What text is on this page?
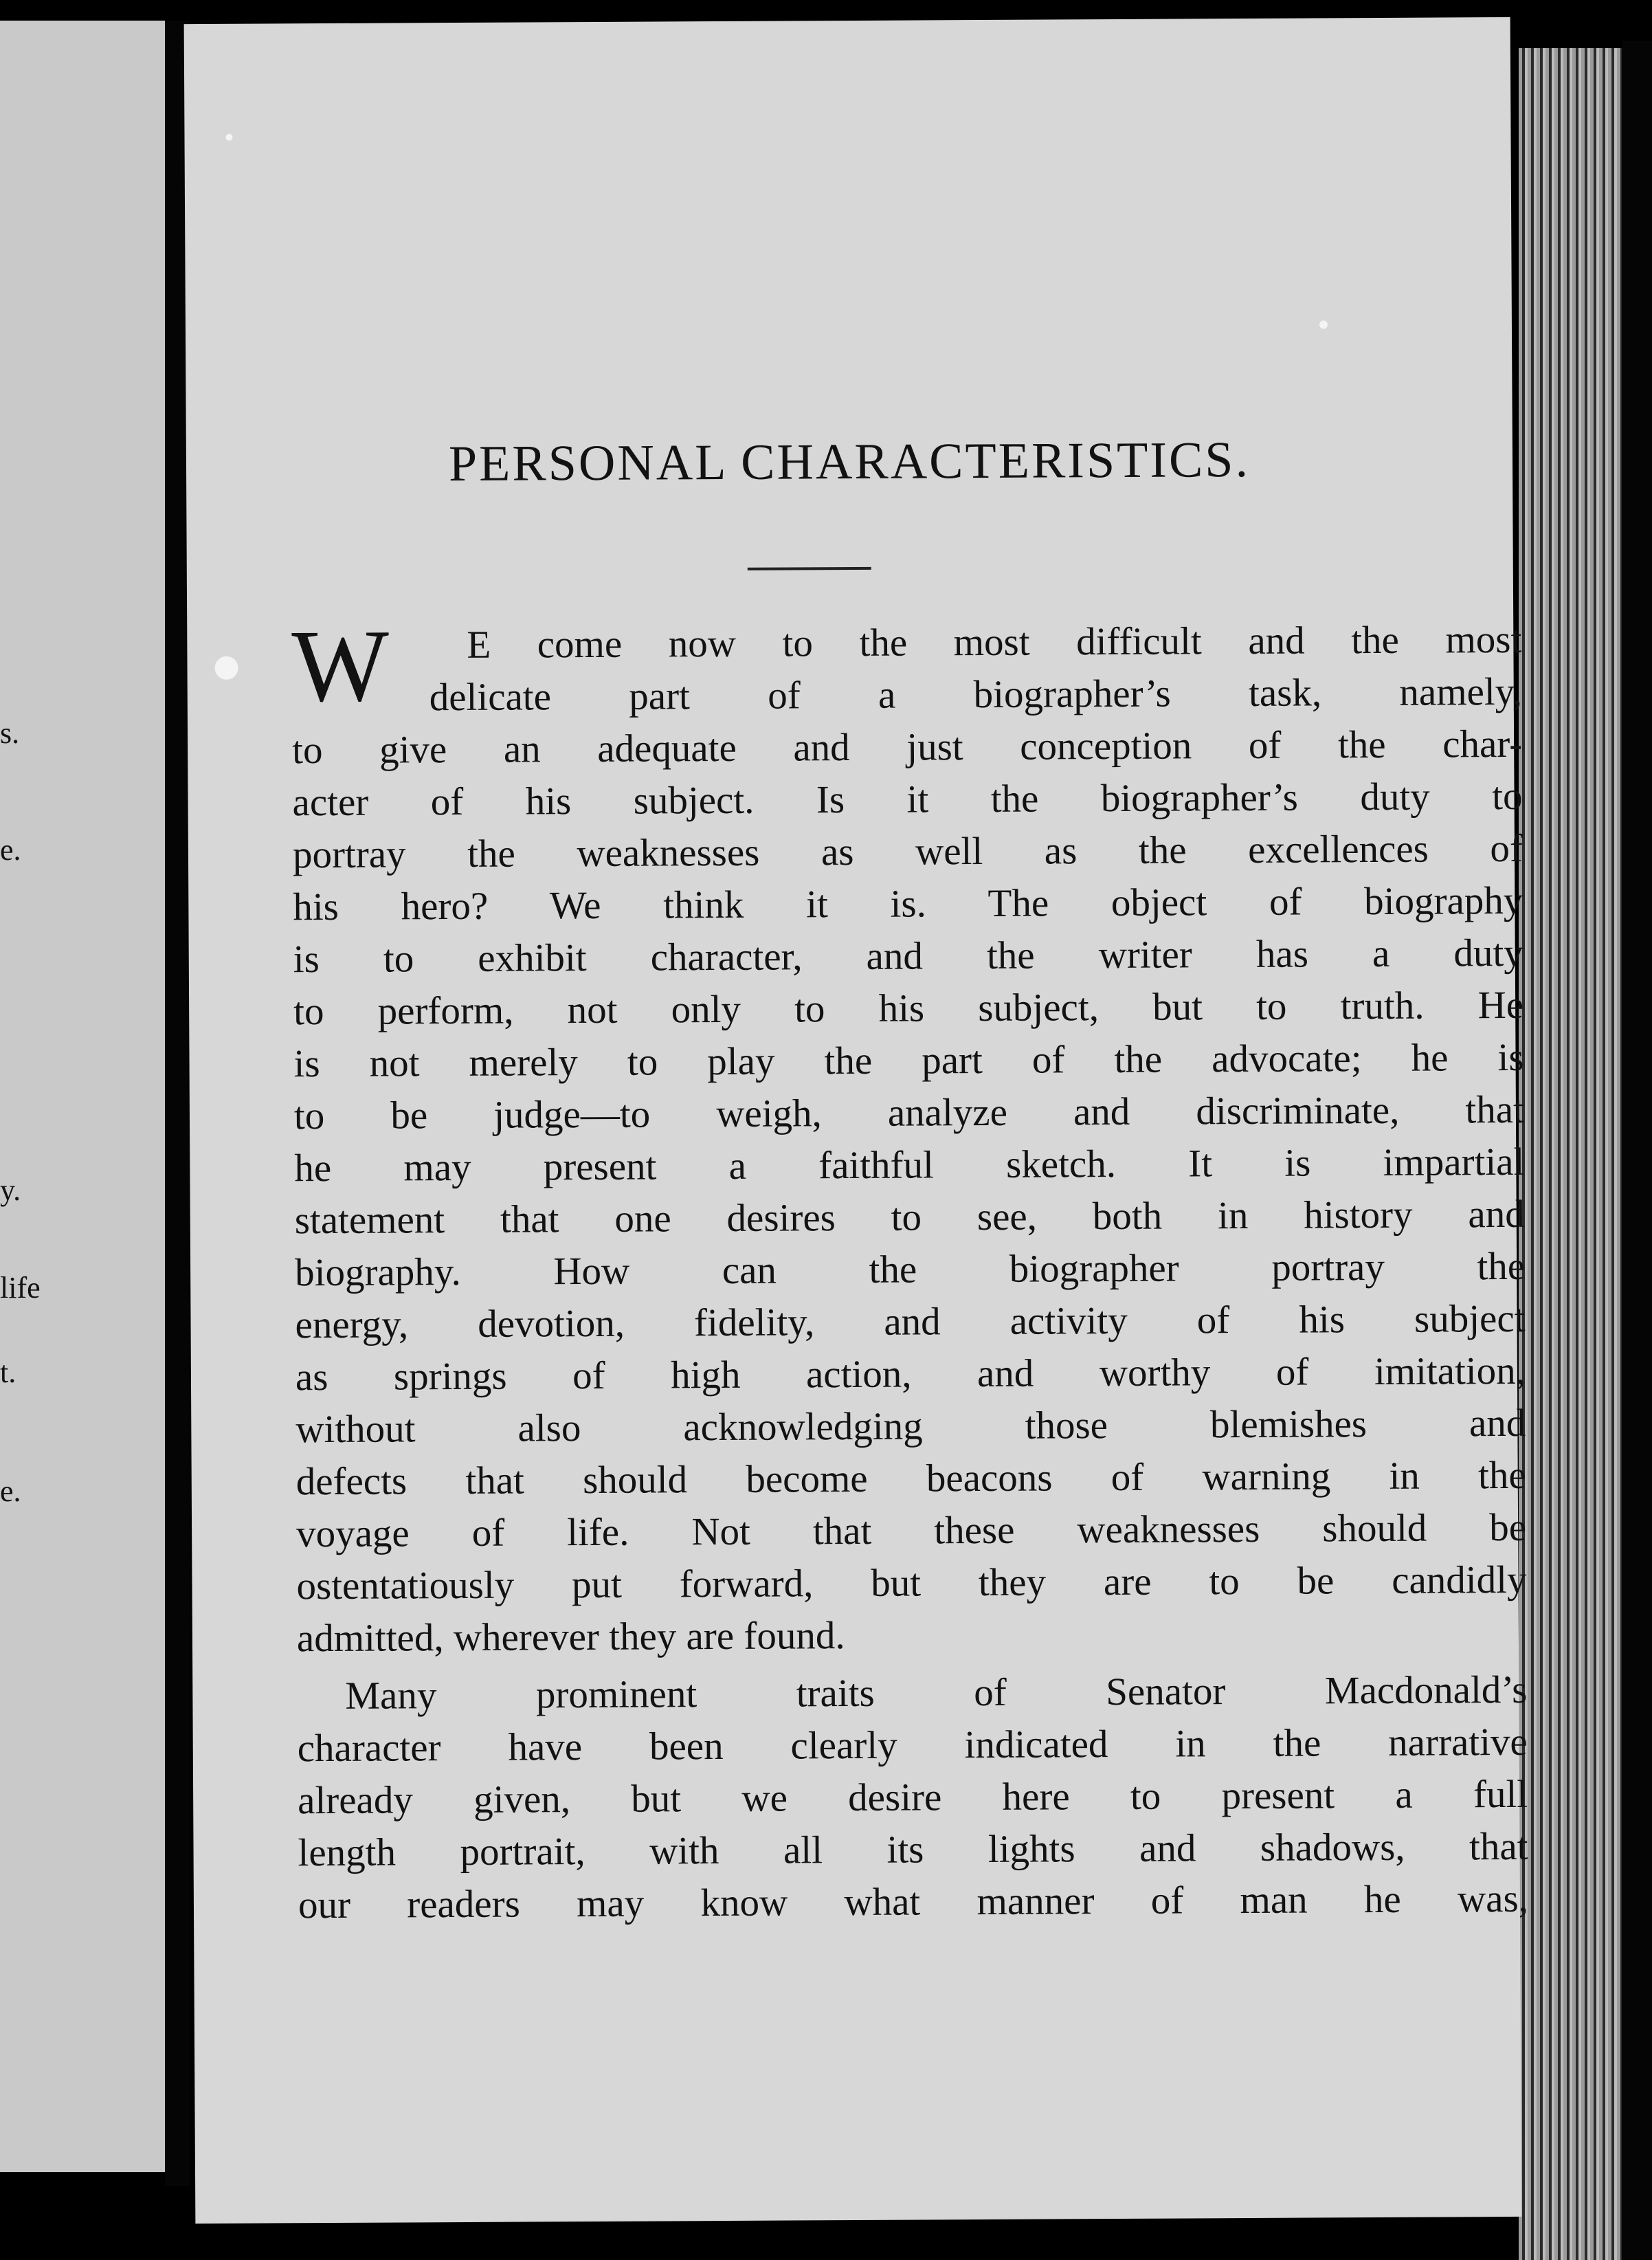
s.
e.
y.
life
t.
e.
PERSONAL CHARACTERISTICS.
W	E come now to the most difficult and the most
delicate part of a biographer’s task, namely,
to give an adequate and just conception of the char-
acter of his subject. Is it the biographer’s duty to
portray the weaknesses as well as the excellences of
his hero? We think it is. The object of biography
is to exhibit character, and the writer has a duty
to perform, not only to his subject, but to truth. He
is not merely to play the part of the advocate; he is
to be judge—to weigh, analyze and discriminate, that
he may present a faithful sketch. It is impartial
statement that one desires to see, both in history and
biography. How can the biographer portray the
energy, devotion, fidelity, and activity of his subject
as springs of high action, and worthy of imitation,
without also acknowledging those blemishes and
defects that should become beacons of warning in the
voyage of life. Not that these weaknesses should be
ostentatiously put forward, but they are to be candidly
admitted, wherever they are found.
Many prominent traits of Senator Macdonald’s
character have been clearly indicated in the narrative
already given, but we desire here to present a full
length portrait, with all its lights and shadows, that
our readers may know what manner of man he was,
